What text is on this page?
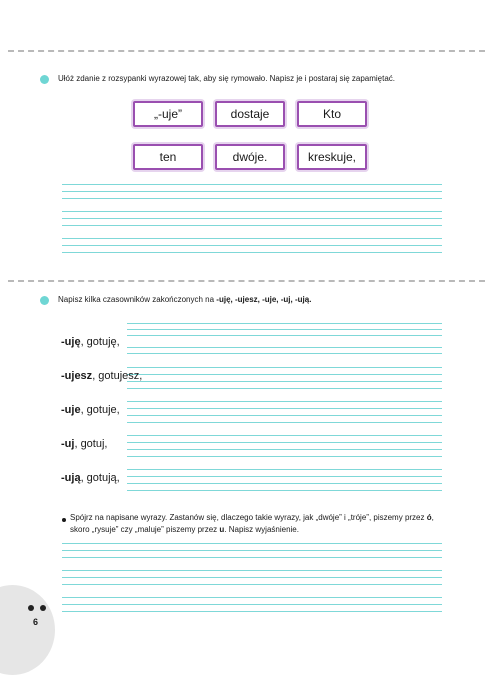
Ułóż zdanie z rozsypanki wyrazowej tak, aby się rymowało. Napisz je i postaraj się zapamiętać.
„-uje”	dostaje	Kto
ten	dwóje.	kreskuje,
Napisz kilka czasowników zakończonych na -uję, -ujesz, -uje, -uj, -ują.
-uję, gotuję,
-ujesz, gotujesz,
-uje, gotuje,
-uj, gotuj,
-ują, gotują,
Spójrz na napisane wyrazy. Zastanów się, dlaczego takie wyrazy, jak „dwóje” i „tróje”, piszemy przez ó, skoro „rysuje” czy „maluje” piszemy przez u. Napisz wyjaśnienie.
6
